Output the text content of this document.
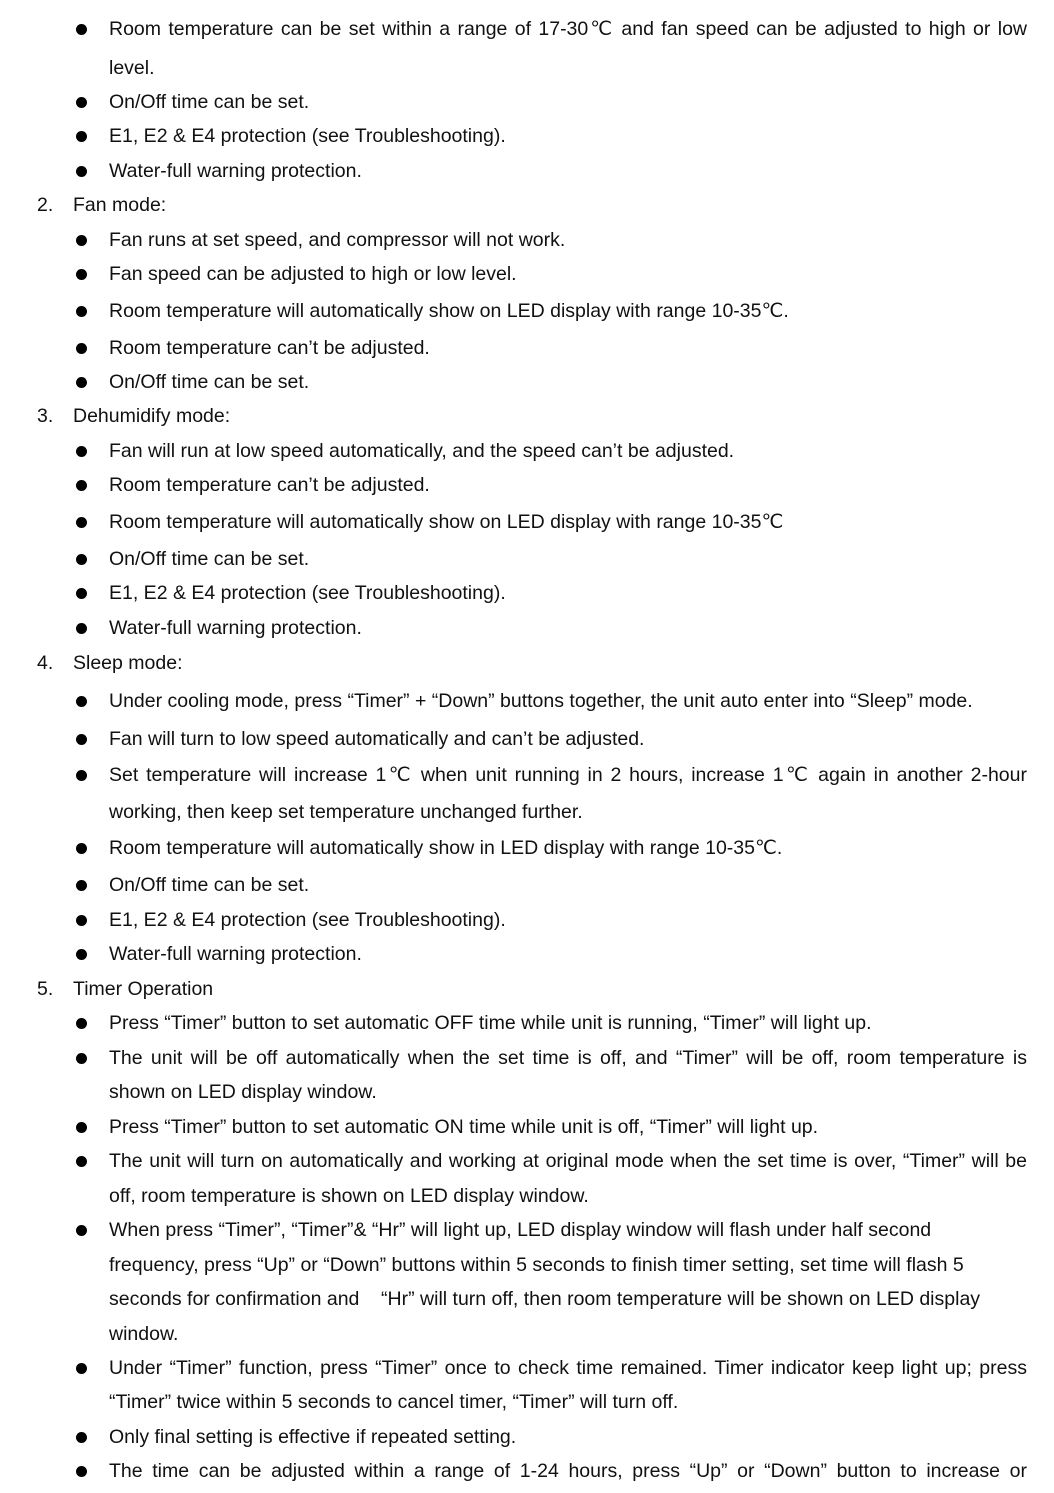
Room temperature can be set within a range of 17-30℃ and fan speed can be adjusted to high or low
level.
On/Off time can be set.
E1, E2 & E4 protection (see Troubleshooting).
Water-full warning protection.
2. Fan mode:
Fan runs at set speed, and compressor will not work.
Fan speed can be adjusted to high or low level.
Room temperature will automatically show on LED display with range 10-35℃.
Room temperature can’t be adjusted.
On/Off time can be set.
3. Dehumidify mode:
Fan will run at low speed automatically, and the speed can’t be adjusted.
Room temperature can’t be adjusted.
Room temperature will automatically show on LED display with range 10-35℃
On/Off time can be set.
E1, E2 & E4 protection (see Troubleshooting).
Water-full warning protection.
4. Sleep mode:
Under cooling mode, press “Timer” + “Down” buttons together, the unit auto enter into “Sleep” mode.
Fan will turn to low speed automatically and can’t be adjusted.
Set temperature will increase 1℃ when unit running in 2 hours, increase 1℃ again in another 2-hour
working, then keep set temperature unchanged further.
Room temperature will automatically show in LED display with range 10-35℃.
On/Off time can be set.
E1, E2 & E4 protection (see Troubleshooting).
Water-full warning protection.
5. Timer Operation
Press “Timer” button to set automatic OFF time while unit is running, “Timer” will light up.
The unit will be off automatically when the set time is off, and “Timer” will be off, room temperature is
shown on LED display window.
Press “Timer” button to set automatic ON time while unit is off, “Timer” will light up.
The unit will turn on automatically and working at original mode when the set time is over, “Timer” will be
off, room temperature is shown on LED display window.
When press “Timer”, “Timer”& “Hr” will light up, LED display window will flash under half second
frequency, press “Up” or “Down” buttons within 5 seconds to finish timer setting, set time will flash 5
seconds for confirmation and    “Hr” will turn off, then room temperature will be shown on LED display
window.
Under “Timer” function, press “Timer” once to check time remained. Timer indicator keep light up; press
“Timer” twice within 5 seconds to cancel timer, “Timer” will turn off.
Only final setting is effective if repeated setting.
The time can be adjusted within a range of 1-24 hours, press “Up” or “Down” button to increase or
